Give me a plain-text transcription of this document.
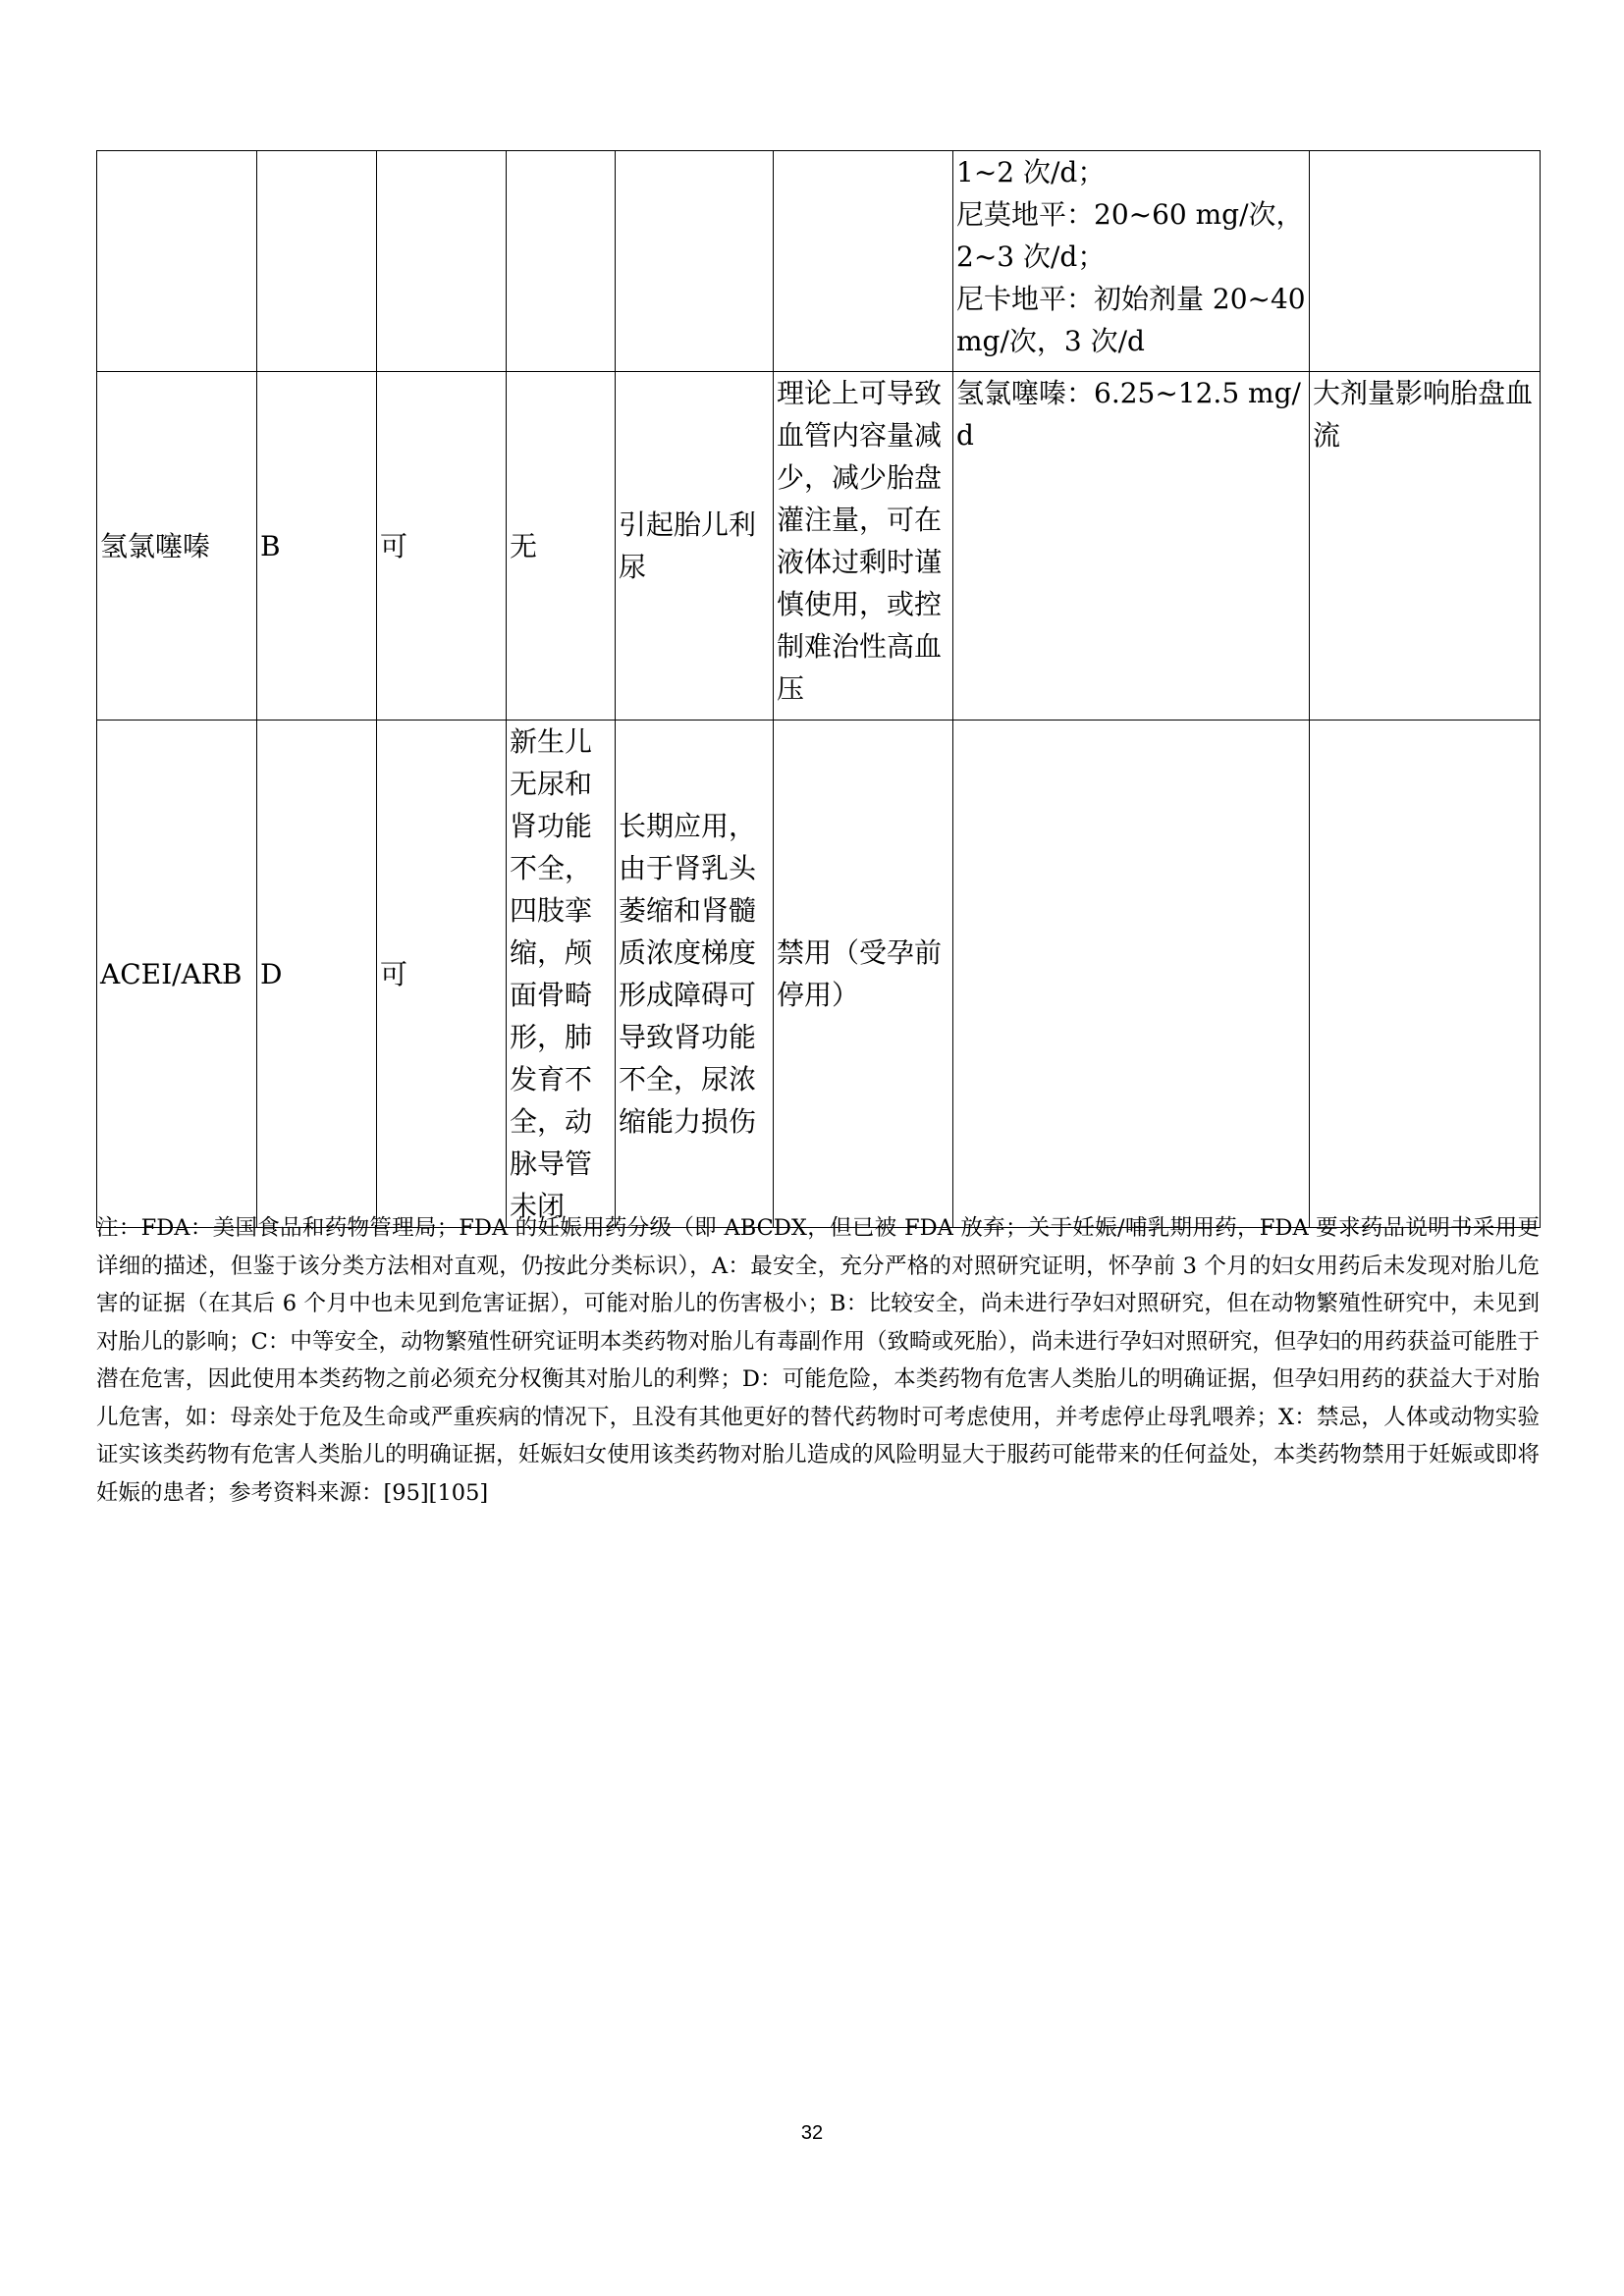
						1~2 次/d；
尼莫地平：20~60 mg/次，2~3 次/d；
尼卡地平：初始剂量 20~40 mg/次，3 次/d	

氢氯噻嗪	B	可	无	引起胎儿利尿	理论上可导致血管内容量减少，减少胎盘灌注量，可在液体过剩时谨慎使用，或控制难治性高血压	氢氯噻嗪：6.25~12.5 mg/d	大剂量影响胎盘血流
ACEI/ARB	D	可	新生儿无尿和肾功能不全，四肢挛缩，颅面骨畸形，肺发育不全，动脉导管未闭	长期应用，由于肾乳头萎缩和肾髓质浓度梯度形成障碍可导致肾功能不全，尿浓缩能力损伤	禁用（受孕前停用）		
注：FDA：美国食品和药物管理局；FDA 的妊娠用药分级（即 ABCDX，但已被 FDA 放弃；关于妊娠/哺乳期用药，FDA 要求药品说明书采用更详细的描述，但鉴于该分类方法相对直观，仍按此分类标识），A：最安全，充分严格的对照研究证明，怀孕前 3 个月的妇女用药后未发现对胎儿危害的证据（在其后 6 个月中也未见到危害证据），可能对胎儿的伤害极小；B：比较安全，尚未进行孕妇对照研究，但在动物繁殖性研究中，未见到对胎儿的影响；C：中等安全，动物繁殖性研究证明本类药物对胎儿有毒副作用（致畸或死胎），尚未进行孕妇对照研究，但孕妇的用药获益可能胜于潜在危害，因此使用本类药物之前必须充分权衡其对胎儿的利弊；D：可能危险，本类药物有危害人类胎儿的明确证据，但孕妇用药的获益大于对胎儿危害，如：母亲处于危及生命或严重疾病的情况下，且没有其他更好的替代药物时可考虑使用，并考虑停止母乳喂养；X：禁忌，人体或动物实验证实该类药物有危害人类胎儿的明确证据，妊娠妇女使用该类药物对胎儿造成的风险明显大于服药可能带来的任何益处，本类药物禁用于妊娠或即将妊娠的患者；参考资料来源：[95][105]
32
